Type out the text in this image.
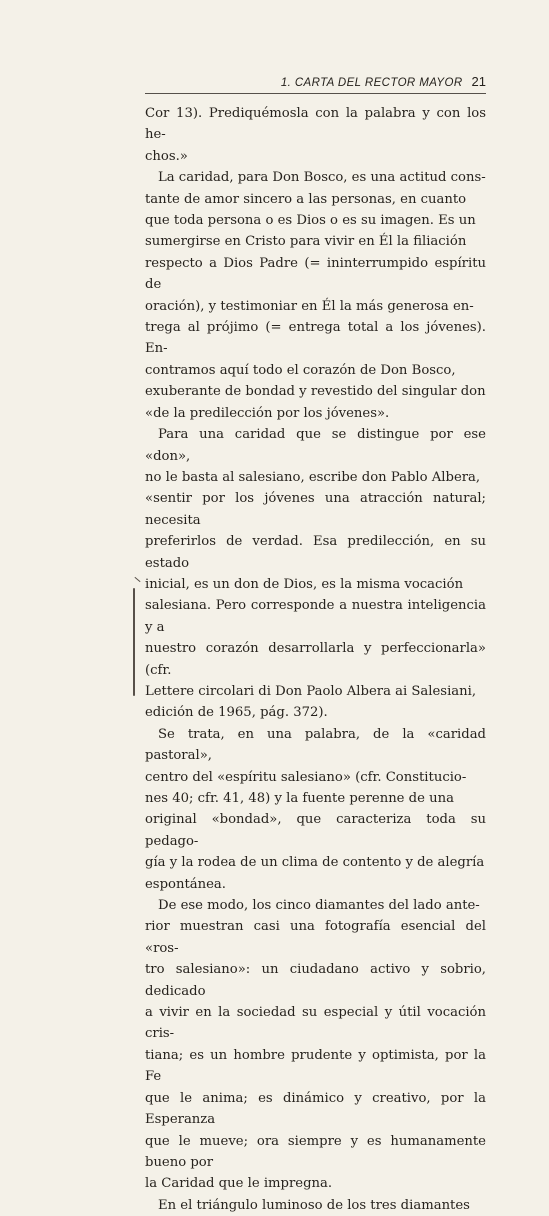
1. CARTA DEL RECTOR MAYOR 21

Cor 13). Prediquémosla con la palabra y con los he-
chos.»

La caridad, para Don Bosco, es una actitud cons-
tante de amor sincero a las personas, en cuanto
que toda persona o es Dios o es su imagen. Es un
sumergirse en Cristo para vivir en Él la filiación
respecto a Dios Padre (= ininterrumpido espíritu de
oración), y testimoniar en Él la más generosa en-
trega al prójimo (= entrega total a los jóvenes). En-
contramos aquí todo el corazón de Don Bosco,
exuberante de bondad y revestido del singular don
«de la predilección por los jóvenes».

Para una caridad que se distingue por ese «don»,
no le basta al salesiano, escribe don Pablo Albera,
«sentir por los jóvenes una atracción natural; necesita
preferirlos de verdad. Esa predilección, en su estado
inicial, es un don de Dios, es la misma vocación
salesiana. Pero corresponde a nuestra inteligencia y a
nuestro corazón desarrollarla y perfeccionarla» (cfr.
Lettere circolari di Don Paolo Albera ai Salesiani,
edición de 1965, pág. 372).

Se trata, en una palabra, de la «caridad pastoral»,
centro del «espíritu salesiano» (cfr. Constitucio-
nes 40; cfr. 41, 48) y la fuente perenne de una
original «bondad», que caracteriza toda su pedago-
gía y la rodea de un clima de contento y de alegría
espontánea.

De ese modo, los cinco diamantes del lado ante-
rior muestran casi una fotografía esencial del «ros-
tro salesiano»: un ciudadano activo y sobrio, dedicado
a vivir en la sociedad su especial y útil vocación cris-
tiana; es un hombre prudente y optimista, por la Fe
que le anima; es dinámico y creativo, por la Esperanza
que le mueve; ora siempre y es humanamente bueno por
la Caridad que le impregna.

En el triángulo luminoso de los tres diamantes
